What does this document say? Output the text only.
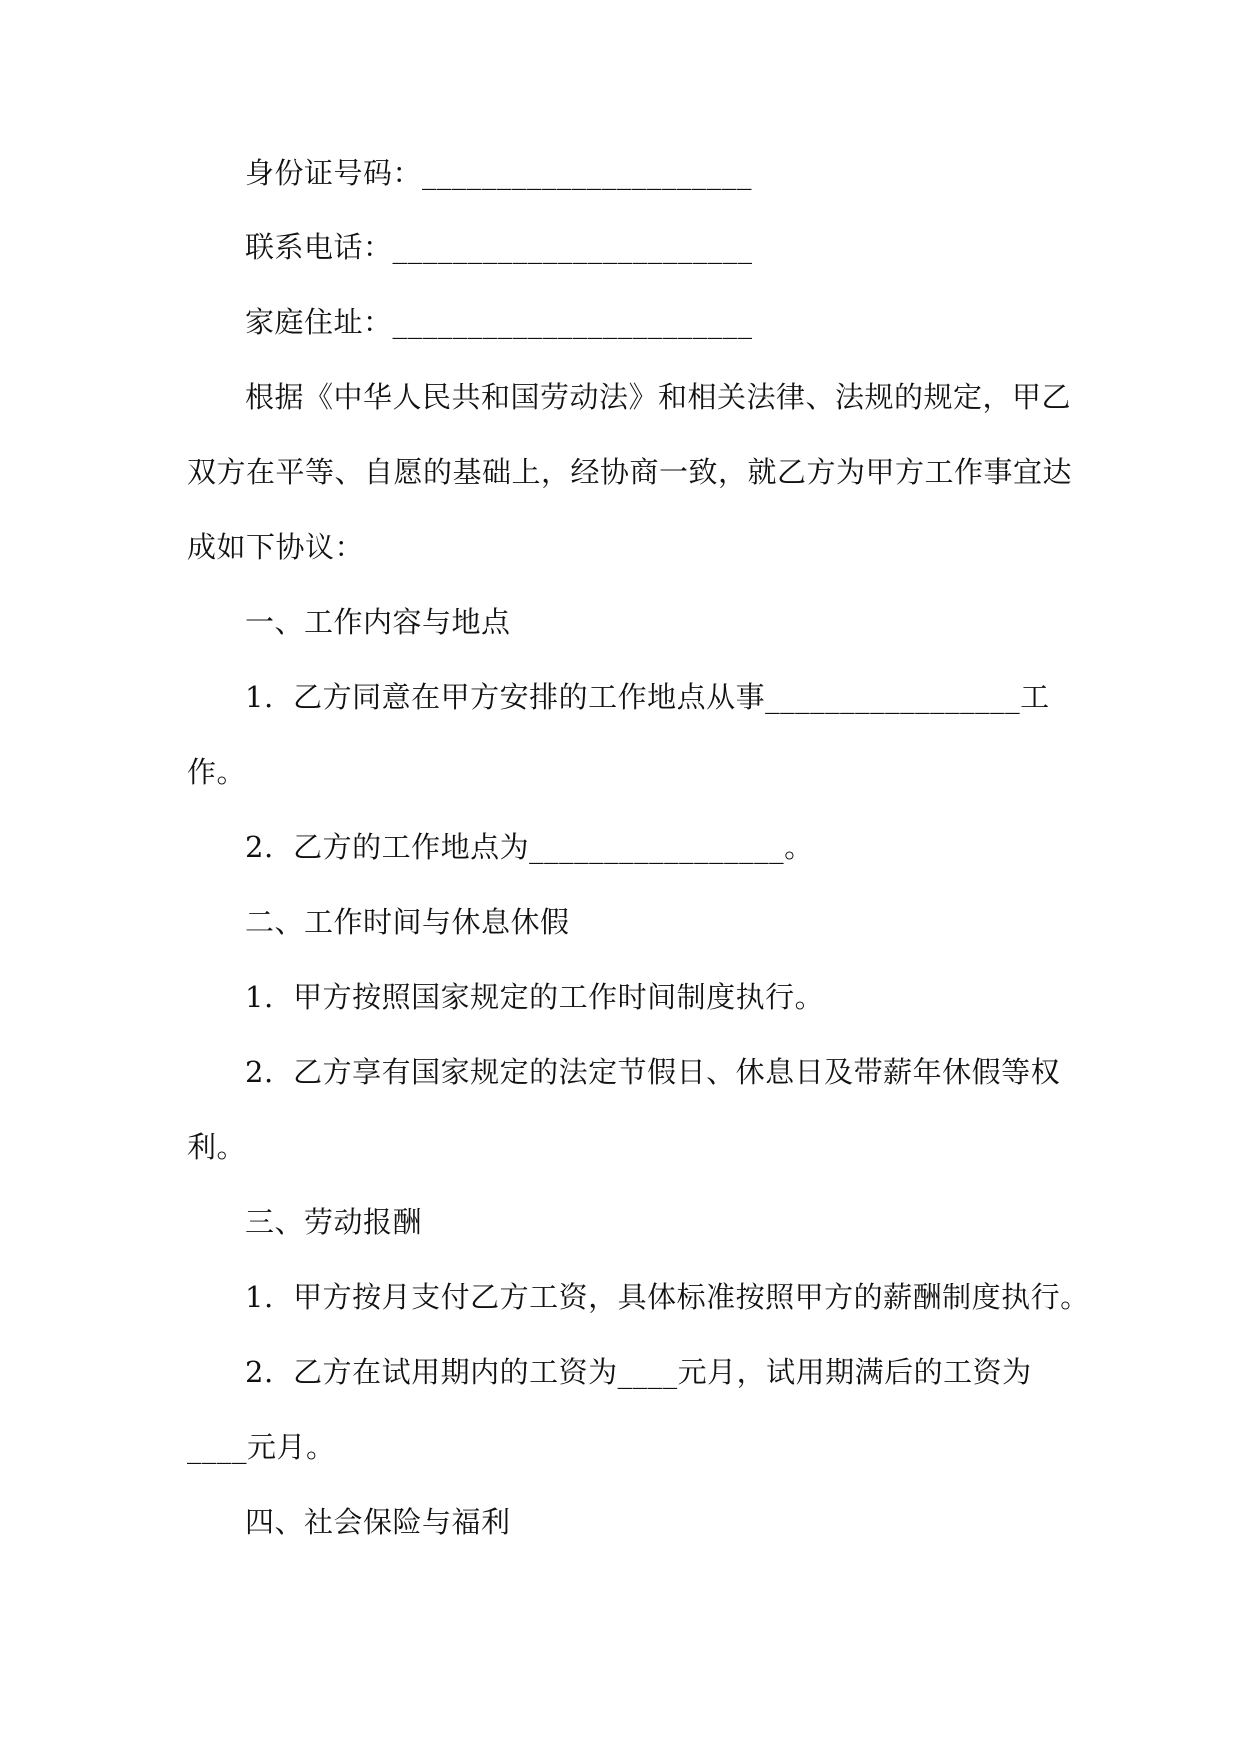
身份证号码：______________________
联系电话：________________________
家庭住址：________________________
根据《中华人民共和国劳动法》和相关法律、法规的规定，甲乙
双方在平等、自愿的基础上，经协商一致，就乙方为甲方工作事宜达
成如下协议：
一、工作内容与地点
1.  乙方同意在甲方安排的工作地点从事_________________工
作。
2.  乙方的工作地点为_________________。
二、工作时间与休息休假
1.  甲方按照国家规定的工作时间制度执行。
2.  乙方享有国家规定的法定节假日、休息日及带薪年休假等权
利。
三、劳动报酬
1.  甲方按月支付乙方工资，具体标准按照甲方的薪酬制度执行。
2.  乙方在试用期内的工资为____元月，试用期满后的工资为
____元月。
四、社会保险与福利
